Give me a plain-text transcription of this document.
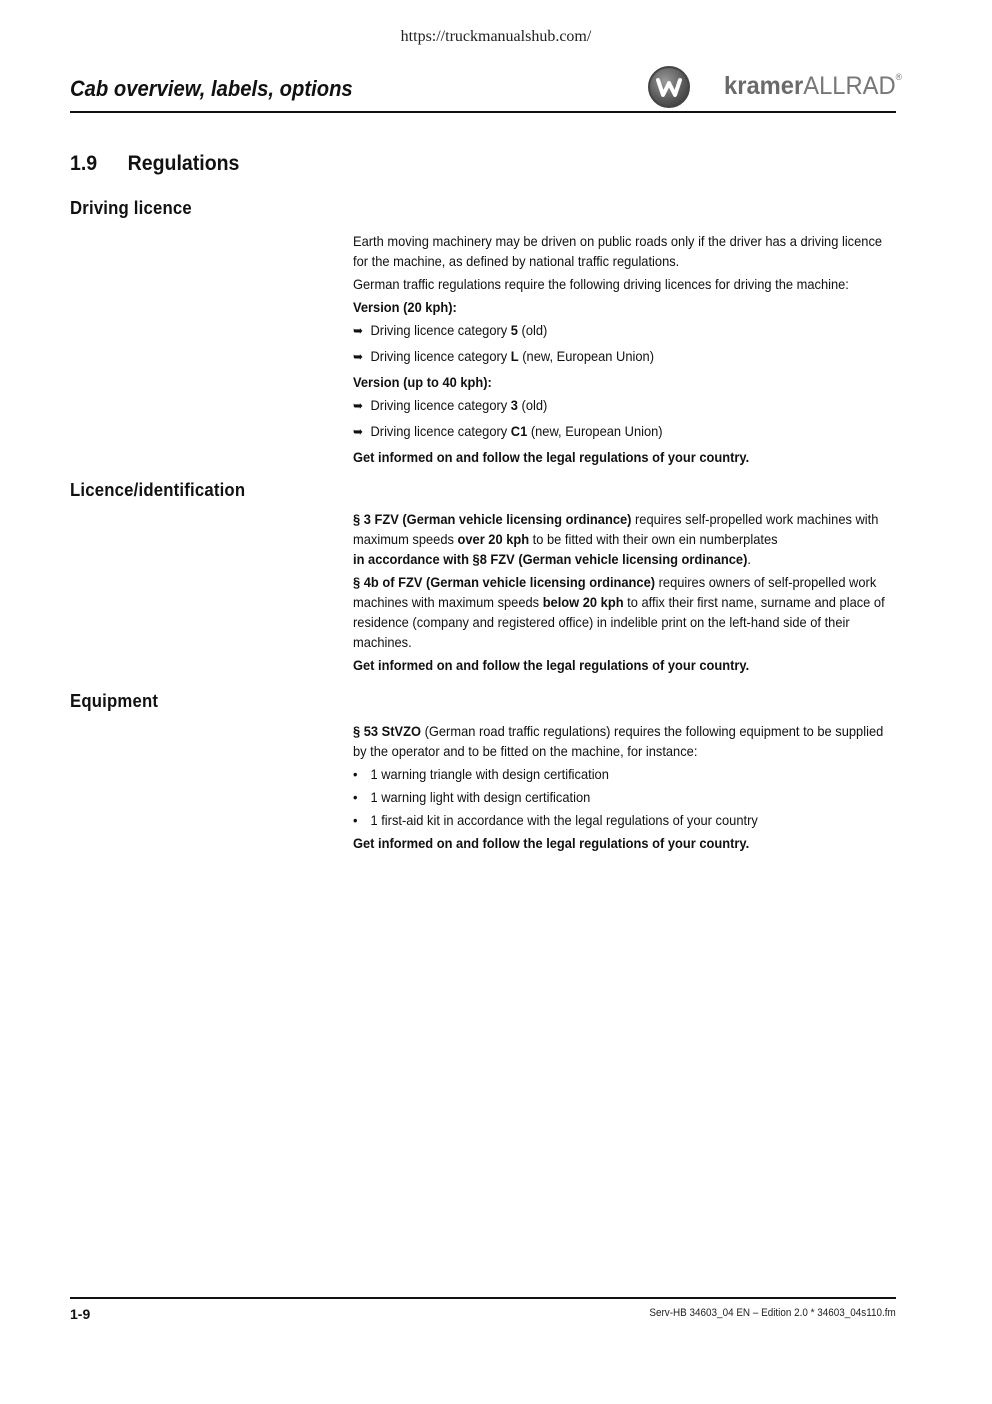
https://truckmanualshub.com/
Cab overview, labels, options	kramerALLRAD®
1.9 Regulations
Driving licence

Earth moving machinery may be driven on public roads only if the driver has a driving licence for the machine, as defined by national traffic regulations.

German traffic regulations require the following driving licences for driving the machine:

Version (20 kph):

➥ Driving licence category 5 (old)

➥ Driving licence category L (new, European Union)

Version (up to 40 kph):

➥ Driving licence category 3 (old)

➥ Driving licence category C1 (new, European Union)

Get informed on and follow the legal regulations of your country.

Licence/identification

§ 3 FZV (German vehicle licensing ordinance) requires self-propelled work machines with maximum speeds over 20 kph to be fitted with their own ein numberplates
in accordance with §8 FZV (German vehicle licensing ordinance).

§ 4b of FZV (German vehicle licensing ordinance) requires owners of self-propelled work machines with maximum speeds below 20 kph to affix their first name, surname and place of residence (company and registered office) in indelible print on the left-hand side of their machines.

Get informed on and follow the legal regulations of your country.

Equipment

§ 53 StVZO (German road traffic regulations) requires the following equipment to be supplied by the operator and to be fitted on the machine, for instance:

• 1 warning triangle with design certification

• 1 warning light with design certification

• 1 first-aid kit in accordance with the legal regulations of your country

Get informed on and follow the legal regulations of your country.

1-9	Serv-HB 34603_04 EN – Edition 2.0 * 34603_04s110.fm
